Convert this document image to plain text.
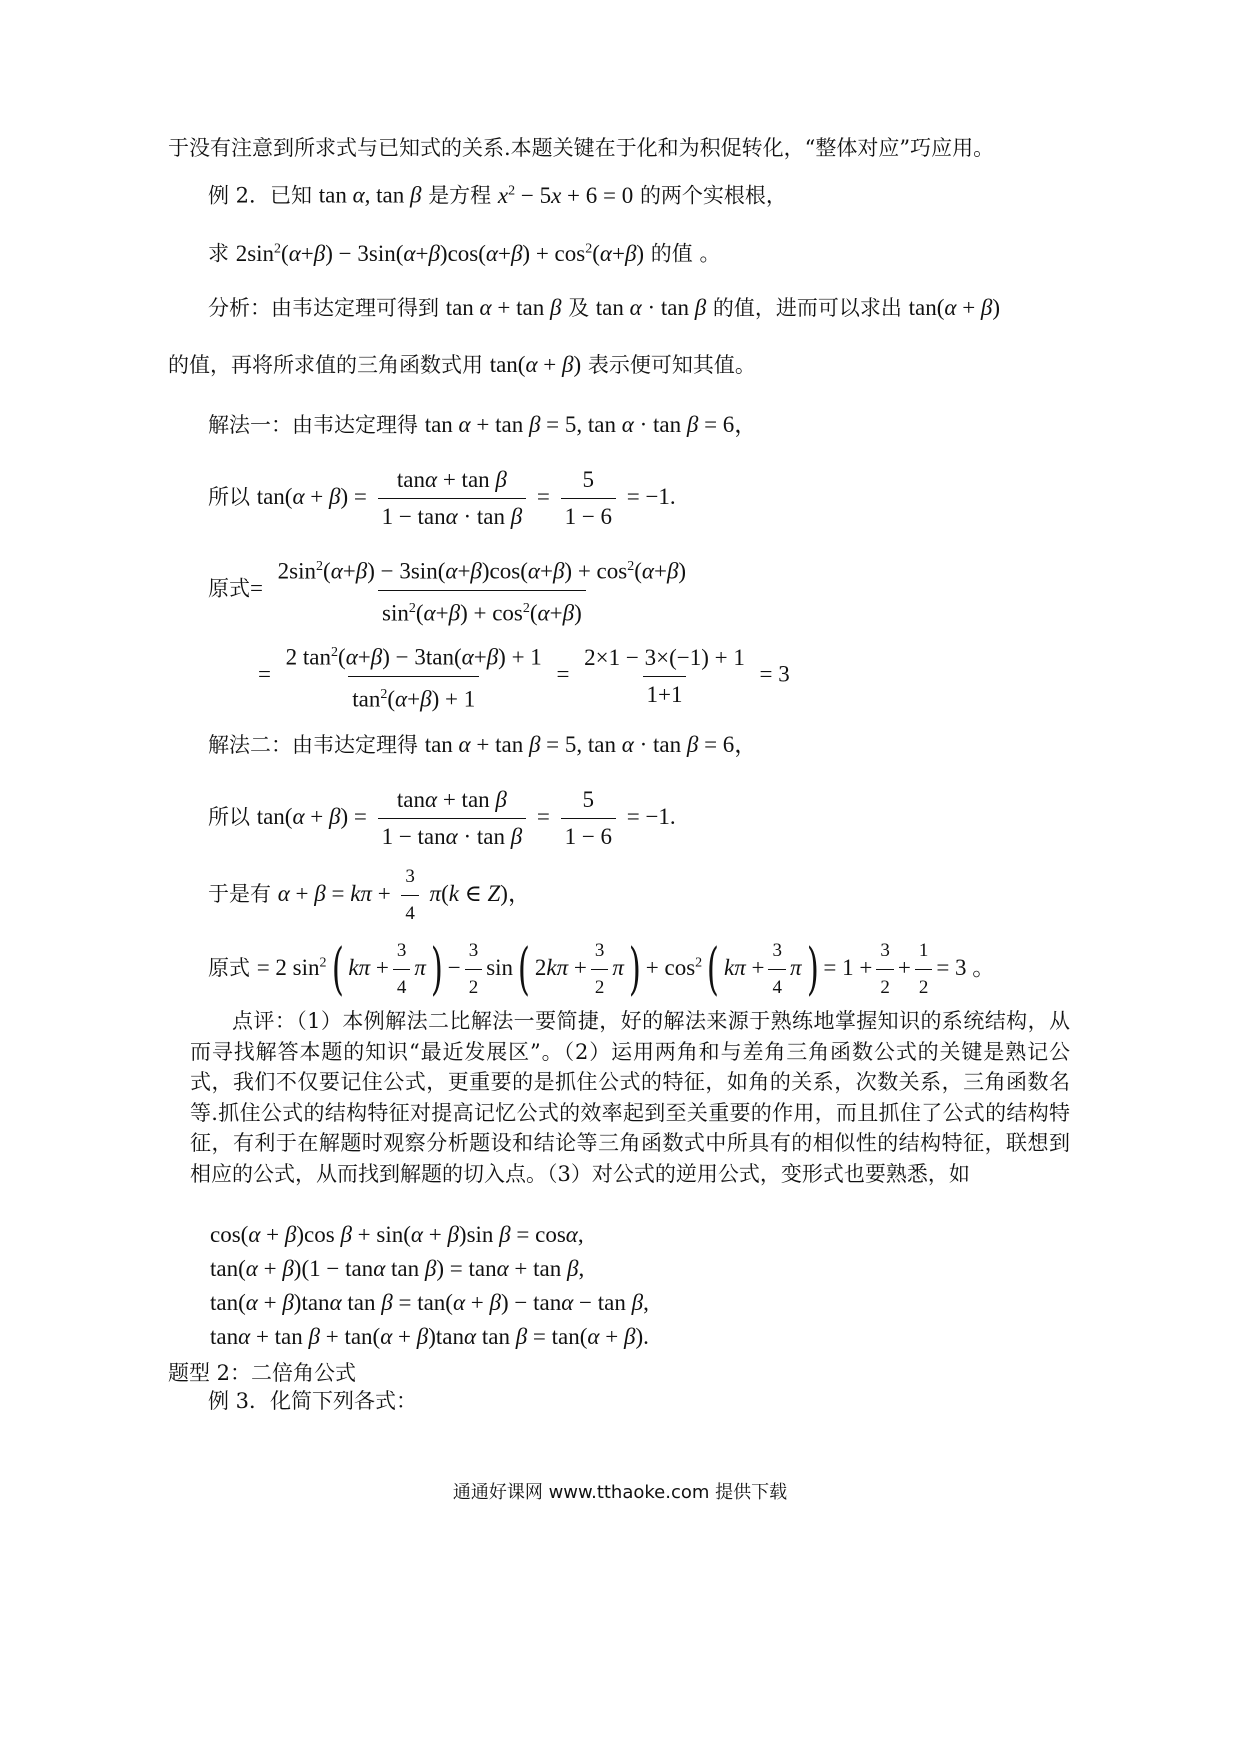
于没有注意到所求式与已知式的关系.本题关键在于化和为积促转化，“整体对应”巧应用。
例 2．已知 tan α, tan β 是方程 $x^2 - 5x + 6 = 0$ 的两个实根根，
求 $2\sin^2(\alpha+\beta) - 3\sin(\alpha+\beta)\cos(\alpha+\beta) + \cos^2(\alpha+\beta)$ 的值 。
分析：由韦达定理可得到 tan α + tan β 及 tan α · tan β 的值，进而可以求出 tan(α + β)
的值，再将所求值的三角函数式用 tan(α + β) 表示便可知其值。
解法一：由韦达定理得 tan α + tan β = 5, tan α · tan β = 6，
所以 $\tan(\alpha + \beta) = \frac{\text{tanα + tan β}}{\text{1 − tanα · tan β}} = \frac{5}{1 - 6} = -1$.
原式= $\frac{2\sin^2(\alpha+\beta) - 3\sin(\alpha+\beta)\cos(\alpha+\beta) + \cos^2(\alpha+\beta)}{\sin^2(\alpha+\beta) + \cos^2(\alpha+\beta)}$
= $\frac{2 \tan^2(\alpha+\beta) - 3\tan(\alpha+\beta) + 1}{\tan^2(\alpha+\beta) + 1} = \frac{2\times 1 - 3\times(-1) + 1}{1+1} = 3$
解法二：由韦达定理得 tan α + tan β = 5, tan α · tan β = 6，
所以 $\tan(\alpha + \beta) = \frac{\text{tanα + tan β}}{\text{1 − tanα · tan β}} = \frac{5}{1 - 6} = -1$.
于是有 $\alpha + \beta = k\pi + \frac{3}{4} \pi(k$ ∈ Z)，
原式 = 2 $\sin^2$( $k\pi + \frac{3}{4} \pi) - \frac{3}{2} \sin$( $2k\pi + \frac{3}{2} \pi) + \cos^2$( $k\pi + \frac{3}{4} \pi) = 1 + \frac{3}{2} + \frac{1}{2} = 3$ 。
点评：（1）本例解法二比解法一要简捷，好的解法来源于熟练地掌握知识的系统结构，从而寻找解答本题的知识“最近发展区”。（2）运用两角和与差角三角函数公式的关键是熟记公式，我们不仅要记住公式，更重要的是抓住公式的特征，如角的关系，次数关系，三角函数名等.抓住公式的结构特征对提高记忆公式的效率起到至关重要的作用，而且抓住了公式的结构特征，有利于在解题时观察分析题设和结论等三角函数式中所具有的相似性的结构特征，联想到相应的公式，从而找到解题的切入点。（3）对公式的逆用公式，变形式也要熟悉，如
cos(α + β)cos β + sin(α + β)sin β = cosα,
tan(α + β)(1 − tanα tan β) = tanα + tan β,
tan(α + β)tanα tan β = tan(α + β) − tanα − tan β,
tanα + tan β + tan(α + β)tanα tan β = tan(α + β).
题型 2：二倍角公式
例 3．化简下列各式：
通通好课网 www.tthaoke.com 提供下载
